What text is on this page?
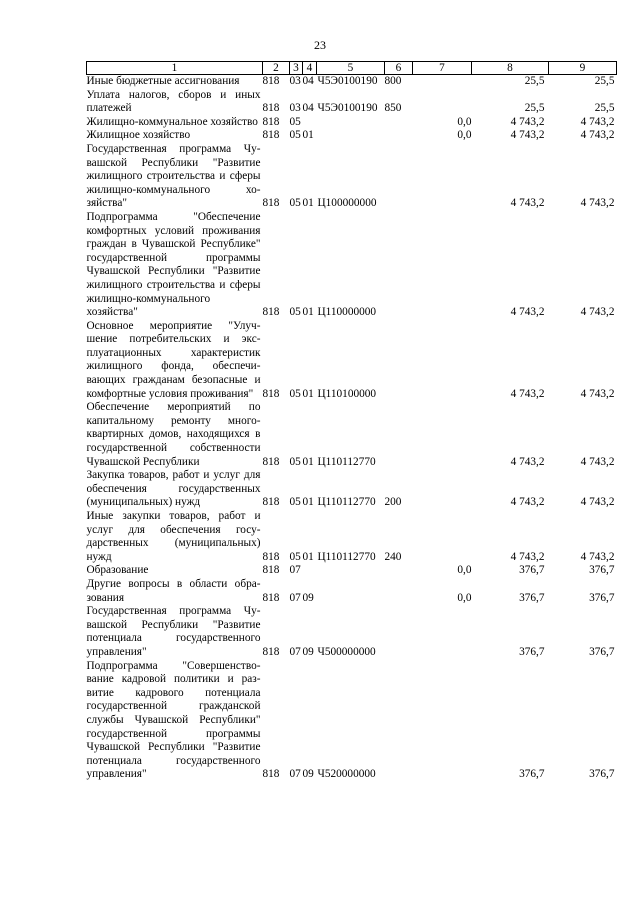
23
1	2	3	4	5	6	7	8	9
Иные бюджетные ассигнования	818	03	04	Ч5Э0100190	800		25,5	25,5
Уплата налогов, сборов и иных платежей	818	03	04	Ч5Э0100190	850		25,5	25,5
Жилищно-коммунальное хозяйство	818	05				0,0	4 743,2	4 743,2
Жилищное хозяйство	818	05	01			0,0	4 743,2	4 743,2
Государственная программа Чувашской Республики "Развитие жилищного строительства и сферы жилищно-коммунального хозяйства"	818	05	01	Ц100000000			4 743,2	4 743,2
Подпрограмма "Обеспечение комфортных условий проживания граждан в Чувашской Республике" государственной программы Чувашской Республики "Развитие жилищного строительства и сферы жилищно-коммунального хозяйства"	818	05	01	Ц110000000			4 743,2	4 743,2
Основное мероприятие "Улучшение потребительских и эксплуатационных характеристик жилищного фонда, обеспечивающих гражданам безопасные и комфортные условия проживания"	818	05	01	Ц110100000			4 743,2	4 743,2
Обеспечение мероприятий по капитальному ремонту многоквартирных домов, находящихся в государственной собственности Чувашской Республики	818	05	01	Ц110112770			4 743,2	4 743,2
Закупка товаров, работ и услуг для обеспечения государственных (муниципальных) нужд	818	05	01	Ц110112770	200		4 743,2	4 743,2
Иные закупки товаров, работ и услуг для обеспечения государственных (муниципальных) нужд	818	05	01	Ц110112770	240		4 743,2	4 743,2
Образование	818	07				0,0	376,7	376,7
Другие вопросы в области образования	818	07	09			0,0	376,7	376,7
Государственная программа Чувашской Республики "Развитие потенциала государственного управления"	818	07	09	Ч500000000			376,7	376,7
Подпрограмма "Совершенствование кадровой политики и развитие кадрового потенциала государственной гражданской службы Чувашской Республики" государственной программы Чувашской Республики "Развитие потенциала государственного управления"	818	07	09	Ч520000000			376,7	376,7
